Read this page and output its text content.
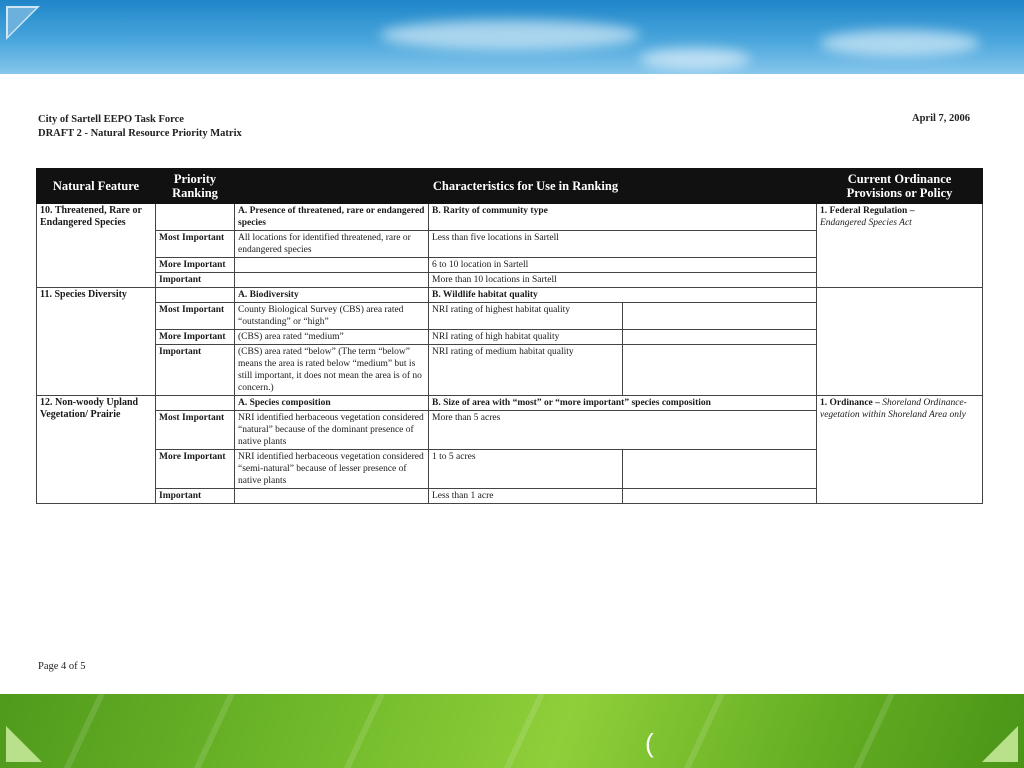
(
City of Sartell EEPO Task Force
DRAFT 2 - Natural Resource Priority Matrix
April 7, 2006
Natural Feature	Priority Ranking	Characteristics for Use in Ranking			Current Ordinance Provisions or Policy
10. Threatened, Rare or Endangered Species		A. Presence of threatened, rare or endangered species	B. Rarity of community type		1. Federal Regulation –
Endangered Species Act
	Most Important	All locations for identified threatened, rare or endangered species	Less than five locations in Sartell		
	More Important		6 to 10 location in Sartell		
	Important		More than 10 locations in Sartell		
11. Species Diversity		A. Biodiversity	B. Wildlife habitat quality		
	Most Important	County Biological Survey (CBS) area rated “outstanding” or “high”	NRI rating of highest habitat quality		
	More Important	(CBS) area rated “medium”	NRI rating of high habitat quality		
	Important	(CBS) area rated “below” (The term “below” means the area is rated below “medium” but is still important, it does not mean the area is of no concern.)	NRI rating of medium habitat quality		
12. Non-woody Upland Vegetation/ Prairie		A. Species composition	B. Size of area with “most” or “more important” species composition		1. Ordinance – Shoreland Ordinance- vegetation within Shoreland Area only
	Most Important	NRI identified herbaceous vegetation considered “natural” because of the dominant presence of native plants	More than 5 acres		
	More Important	NRI identified herbaceous vegetation considered “semi-natural” because of lesser presence of native plants	1 to 5 acres		
	Important		Less than 1 acre		
Page 4 of 5
